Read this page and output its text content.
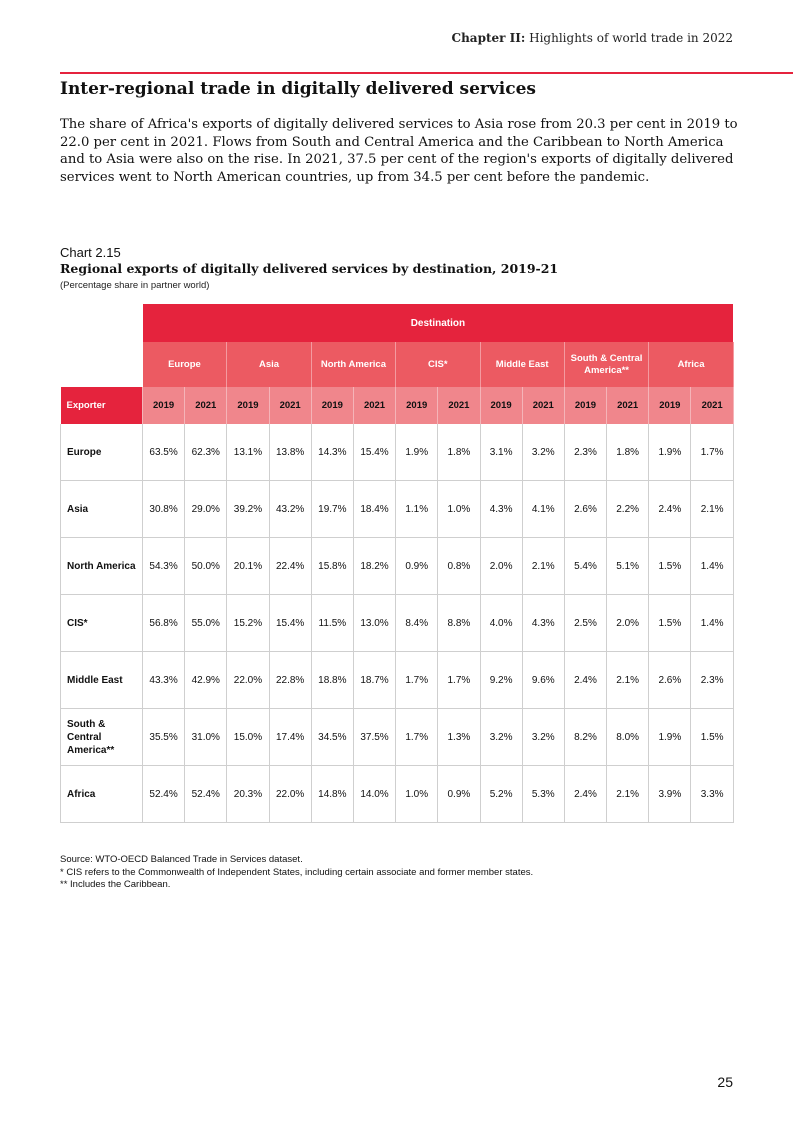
Chapter II: Highlights of world trade in 2022
Inter-regional trade in digitally delivered services

The share of Africa's exports of digitally delivered services to Asia rose from 20.3 per cent in 2019 to 22.0 per cent in 2021. Flows from South and Central America and the Caribbean to North America and to Asia were also on the rise. In 2021, 37.5 per cent of the region's exports of digitally delivered services went to North American countries, up from 34.5 per cent before the pandemic.

Chart 2.15
Regional exports of digitally delivered services by destination, 2019-21
(Percentage share in partner world)
	Destination													
	Europe		Asia		North America		CIS*		Middle East		South & Central America**		Africa	
Exporter	2019	2021	2019	2021	2019	2021	2019	2021	2019	2021	2019	2021	2019	2021
Europe	63.5%	62.3%	13.1%	13.8%	14.3%	15.4%	1.9%	1.8%	3.1%	3.2%	2.3%	1.8%	1.9%	1.7%
Asia	30.8%	29.0%	39.2%	43.2%	19.7%	18.4%	1.1%	1.0%	4.3%	4.1%	2.6%	2.2%	2.4%	2.1%
North America	54.3%	50.0%	20.1%	22.4%	15.8%	18.2%	0.9%	0.8%	2.0%	2.1%	5.4%	5.1%	1.5%	1.4%
CIS*	56.8%	55.0%	15.2%	15.4%	11.5%	13.0%	8.4%	8.8%	4.0%	4.3%	2.5%	2.0%	1.5%	1.4%
Middle East	43.3%	42.9%	22.0%	22.8%	18.8%	18.7%	1.7%	1.7%	9.2%	9.6%	2.4%	2.1%	2.6%	2.3%
South & Central America**	35.5%	31.0%	15.0%	17.4%	34.5%	37.5%	1.7%	1.3%	3.2%	3.2%	8.2%	8.0%	1.9%	1.5%
Africa	52.4%	52.4%	20.3%	22.0%	14.8%	14.0%	1.0%	0.9%	5.2%	5.3%	2.4%	2.1%	3.9%	3.3%
Source: WTO-OECD Balanced Trade in Services dataset.
* CIS refers to the Commonwealth of Independent States, including certain associate and former member states.
** Includes the Caribbean.
25
